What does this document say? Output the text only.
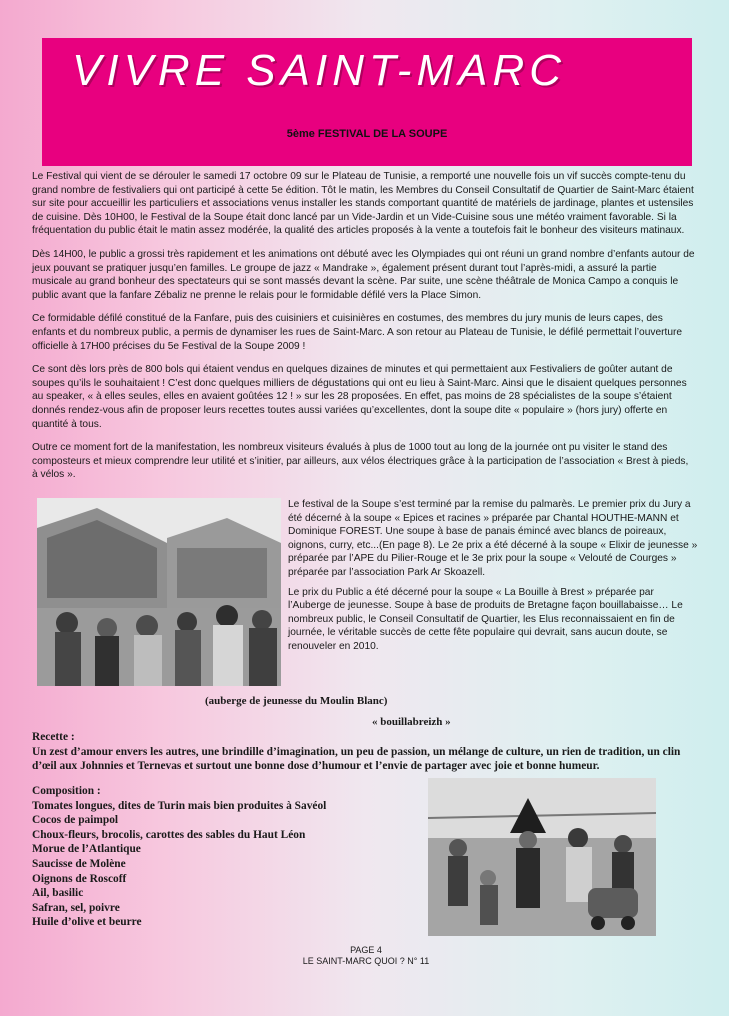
VIVRE SAINT-MARC
5ème FESTIVAL DE LA SOUPE

Le Festival qui vient de se dérouler le samedi 17 octobre 09 sur le Plateau de Tunisie, a remporté une nouvelle fois un vif succès compte-tenu du grand nombre de festivaliers qui ont participé à cette 5e édition. Tôt le matin, les Membres du Conseil Consultatif de Quartier de Saint-Marc étaient sur site pour accueillir les particuliers et associations venus installer les stands comportant quantité de matériels de jardinage, plantes et ustensiles de cuisine. Dès 10H00, le Festival de la Soupe était donc lancé par un Vide-Jardin et un Vide-Cuisine sous une météo vraiment favorable. Si la fréquentation du public était le matin assez modérée, la qualité des articles proposés à la vente a toutefois fait le bonheur des visiteurs matinaux.

Dès 14H00, le public a grossi très rapidement et les animations ont débuté avec les Olympiades qui ont réuni un grand nombre d’enfants autour de jeux pouvant se pratiquer jusqu’en familles. Le groupe de jazz « Mandrake », également présent durant tout l’après-midi, a assuré la partie musicale au grand bonheur des spectateurs qui se sont massés devant la scène. Par suite, une scène théâtrale de Monica Campo a conquis le public avant que la fanfare Zébaliz ne prenne le relais pour le formidable défilé vers la Place Simon.

Ce formidable défilé constitué de la Fanfare, puis des cuisiniers et cuisinières en costumes, des membres du jury munis de leurs capes, des enfants et du nombreux public, a permis de dynamiser les rues de Saint-Marc. A son retour au Plateau de Tunisie, le défilé permettait l’ouverture officielle à 17H00 précises du 5e Festival de la Soupe 2009 !

Ce sont dès lors près de 800 bols qui étaient vendus en quelques dizaines de minutes et qui permettaient aux Festivaliers de goûter autant de soupes qu’ils le souhaitaient ! C’est donc quelques milliers de dégustations qui ont eu lieu à Saint-Marc. Ainsi que le disaient quelques personnes au speaker, « à elles seules, elles en avaient goûtées 12 ! » sur les 28 proposées. En effet, pas moins de 28 spécialistes de la soupe s’étaient donnés rendez-vous afin de proposer leurs recettes toutes aussi variées qu’excellentes, dont la soupe dite « populaire » (hors jury) offerte en quantité à tous.

Outre ce moment fort de la manifestation, les nombreux visiteurs évalués à plus de 1000 tout au long de la journée ont pu visiter le stand des composteurs et mieux comprendre leur utilité et s’initier, par ailleurs, aux vélos électriques grâce à la participation de l’association « Brest à pieds, à vélos ».

Le festival de la Soupe s’est terminé par la remise du palmarès. Le premier prix du Jury a été décerné à la soupe « Epices et racines » préparée par Chantal HOUTHE-MANN et Dominique FOREST. Une soupe à base de panais émincé avec blancs de poireaux, oignons, curry, etc...(En page 8). Le 2e prix a été décerné à la soupe « Elixir de jeunesse » préparée par l’APE du Pilier-Rouge et le 3e prix pour la soupe « Velouté de Courges » préparée par l’association Park Ar Skoazell.

Le prix du Public a été décerné pour la soupe « La Bouille à Brest » préparée par l’Auberge de jeunesse. Soupe à base de produits de Bretagne façon bouillabaisse… Le nombreux public, le Conseil Consultatif de Quartier, les Elus reconnaissaient en fin de journée, le véritable succès de cette fête populaire qui devrait, sans aucun doute, se renouveler en 2010.

(auberge de jeunesse du Moulin Blanc)
« bouillabreizh »
Recette :
Un zest d’amour envers les autres, une brindille d’imagination, un peu de passion, un mélange de culture, un rien de tradition, un clin d’œil aux Johnnies et Ternevas et surtout une bonne dose d’humour et l’envie de partager avec joie et bonne humeur.
Composition :
Tomates longues, dites de Turin mais bien produites à Savéol
Cocos de paimpol
Choux-fleurs, brocolis, carottes des sables du Haut Léon
Morue de l’Atlantique
Saucisse de Molène
Oignons de Roscoff
Ail, basilic
Safran, sel, poivre
Huile d’olive et beurre
PAGE 4
LE SAINT-MARC QUOI ? N° 11
